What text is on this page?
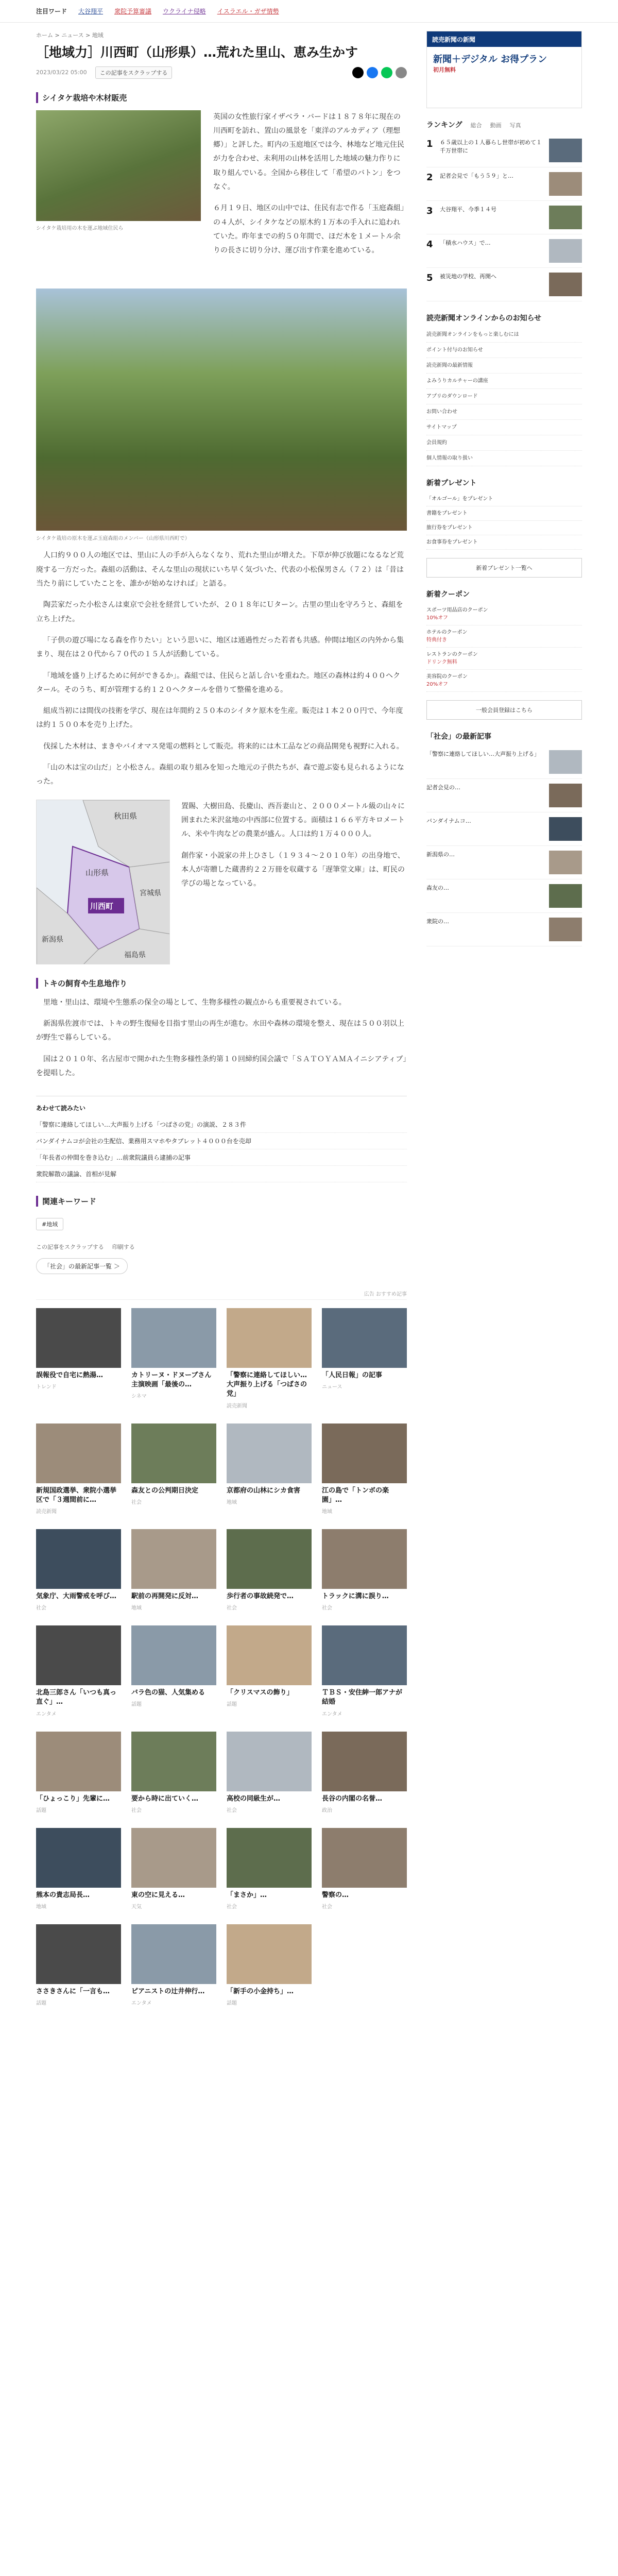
注目ワード 大谷翔平 衆院予算審議 ウクライナ侵略 イスラエル・ガザ情勢
ホーム > ニュース > 地域
［地域力］川西町（山形県）…荒れた里山、恵み生かす
2023/03/22 05:00	この記事をスクラップする
シイタケ栽培や木材販売
シイタケ栽培用の木を運ぶ地域住民ら

英国の女性旅行家イザベラ・バードは１８７８年に現在の川西町を訪れ、置山の風景を「東洋のアルカディア（理想郷）」と評した。町内の玉庭地区では今、林地など地元住民が力を合わせ、未利用の山林を活用した地域の魅力作りに取り組んでいる。全国から移住して「希望のバトン」をつなぐ。

６月１９日、地区の山中では、住民有志で作る「玉庭森組」の４人が、シイタケなどの原木約１万本の手入れに追われていた。昨年までの約５０年間で、ほだ木を１メートル余りの長さに切り分け、運び出す作業を進めている。

シイタケ栽培の原木を運ぶ玉庭森組のメンバー（山形県川西町で）

人口約９００人の地区では、里山に人の手が入らなくなり、荒れた里山が増えた。下草が伸び放題になるなど荒廃する一方だった。森組の活動は、そんな里山の現状にいち早く気づいた、代表の小松保男さん（７２）は「昔は当たり前にしていたことを、誰かが始めなければ」と語る。

陶芸家だった小松さんは東京で会社を経営していたが、２０１８年にＵターン。古里の里山を守ろうと、森組を立ち上げた。

「子供の遊び場になる森を作りたい」という思いに、地区は通過性だった若者も共感。仲間は地区の内外から集まり、現在は２０代から７０代の１５人が活動している。

「地域を盛り上げるために何ができるか」。森組では、住民らと話し合いを重ねた。地区の森林は約４００ヘクタール。そのうち、町が管理する約１２０ヘクタールを借りて整備を進める。

組成当初には間伐の技術を学び、現在は年間約２５０本のシイタケ原木を生産。販売は１本２００円で、今年度は約１５００本を売り上げた。

伐採した木材は、まきやバイオマス発電の燃料として販売。将来的には木工品などの商品開発も視野に入れる。

「山の木は宝の山だ」と小松さん。森組の取り組みを知った地元の子供たちが、森で遊ぶ姿も見られるようになった。

秋田県
山形県
宮城県
新潟県
福島県
川西町

置賜、大樹田島、長慶山、西吾妻山と、２０００メートル級の山々に囲まれた米沢盆地の中西部に位置する。面積は１６６平方キロメートル、米や牛肉などの農業が盛ん。人口は約１万４０００人。

創作家・小説家の井上ひさし（１９３４〜２０１０年）の出身地で、本人が寄贈した蔵書約２２万冊を収蔵する「遅筆堂文庫」は、町民の学びの場となっている。

トキの飼育や生息地作り

里地・里山は、環境や生態系の保全の場として、生物多様性の観点からも重要視されている。

新潟県佐渡市では、トキの野生復帰を目指す里山の再生が進む。水田や森林の環境を整え、現在は５００羽以上が野生で暮らしている。

国は２０１０年、名古屋市で開かれた生物多様性条約第１０回締約国会議で「ＳＡＴＯＹＡＭＡイニシアティブ」を提唱した。

あわせて読みたい
「警察に連絡してほしい…大声振り上げる「つばさの党」の演説、２８３件
バンダイナムコが会社の生配信、業務用スマホやタブレット４０００台を売却
「年長者の仲間を巻き込む」…前衆院議員ら逮捕の記事
衆院解散の議論、首相が見解
関連キーワード
#地域
この記事をスクラップする 印刷する
「社会」の最新記事一覧 ＞
広告 おすすめ記事
誤報役で自宅に熱湯…
トレンド
カトリーヌ・ドヌーブさん主演映画「最後の…
シネマ
「警察に連絡してほしい…大声振り上げる「つばさの党」
読売新聞
「人民日報」の記事
ニュース
新規国政選挙、衆院小選挙区で「３週間前に…
読売新聞
森友との公判期日決定
社会
京都府の山林にシカ食害
地域
江の島で「トンボの楽園」…
地域
気象庁、大雨警戒を呼び…
社会
駅前の再開発に反対…
地域
歩行者の事故続発で…
社会
トラックに溝に誤り…
社会
北島三郎さん「いつも真っ直ぐ」…
エンタメ
バラ色の猫、人気集める
話題
「クリスマスの飾り」
話題
ＴＢＳ・安住紳一郎アナが結婚
エンタメ
「ひょっこり」先輩に…
話題
要から時に出ていく…
社会
高校の同級生が…
社会
長谷の内閣の名誉…
政治
熊本の貴志局長…
地域
東の空に見える…
天気
「まさか」…
社会
警察の…
社会
ささきさんに「一言も…
話題
ピアニストの辻井伸行…
エンタメ
「新手の小金持ち」…
話題
読売新聞の新聞
新聞＋デジタル お得プラン
初月無料
ランキング 総合 動画 写真
1	６５歳以上の１人暮らし世帯が初めて１千万世帯に
2	記者会見で「もう５９」と…
3	大谷翔平、今季１４号
4	「積水ハウス」で…
5	被災地の学校、再開へ
読売新聞オンラインからのお知らせ
読売新聞オンラインをもっと楽しむには
ポイント付与のお知らせ
読売新聞の最新情報
よみうりカルチャーの講座
アプリのダウンロード
お問い合わせ
サイトマップ
会員規約
個人情報の取り扱い
新着プレゼント
「オルゴール」をプレゼント
書籍をプレゼント
旅行券をプレゼント
お食事券をプレゼント
新着プレゼント一覧へ
新着クーポン
スポーツ用品店のクーポン
10%オフ
ホテルのクーポン
特典付き
レストランのクーポン
ドリンク無料
美容院のクーポン
20%オフ
一般会員登録はこちら
「社会」の最新記事
「警察に連絡してほしい…大声振り上げる」
記者会見の…
バンダイナムコ…
新潟県の…
森友の…
衆院の…
